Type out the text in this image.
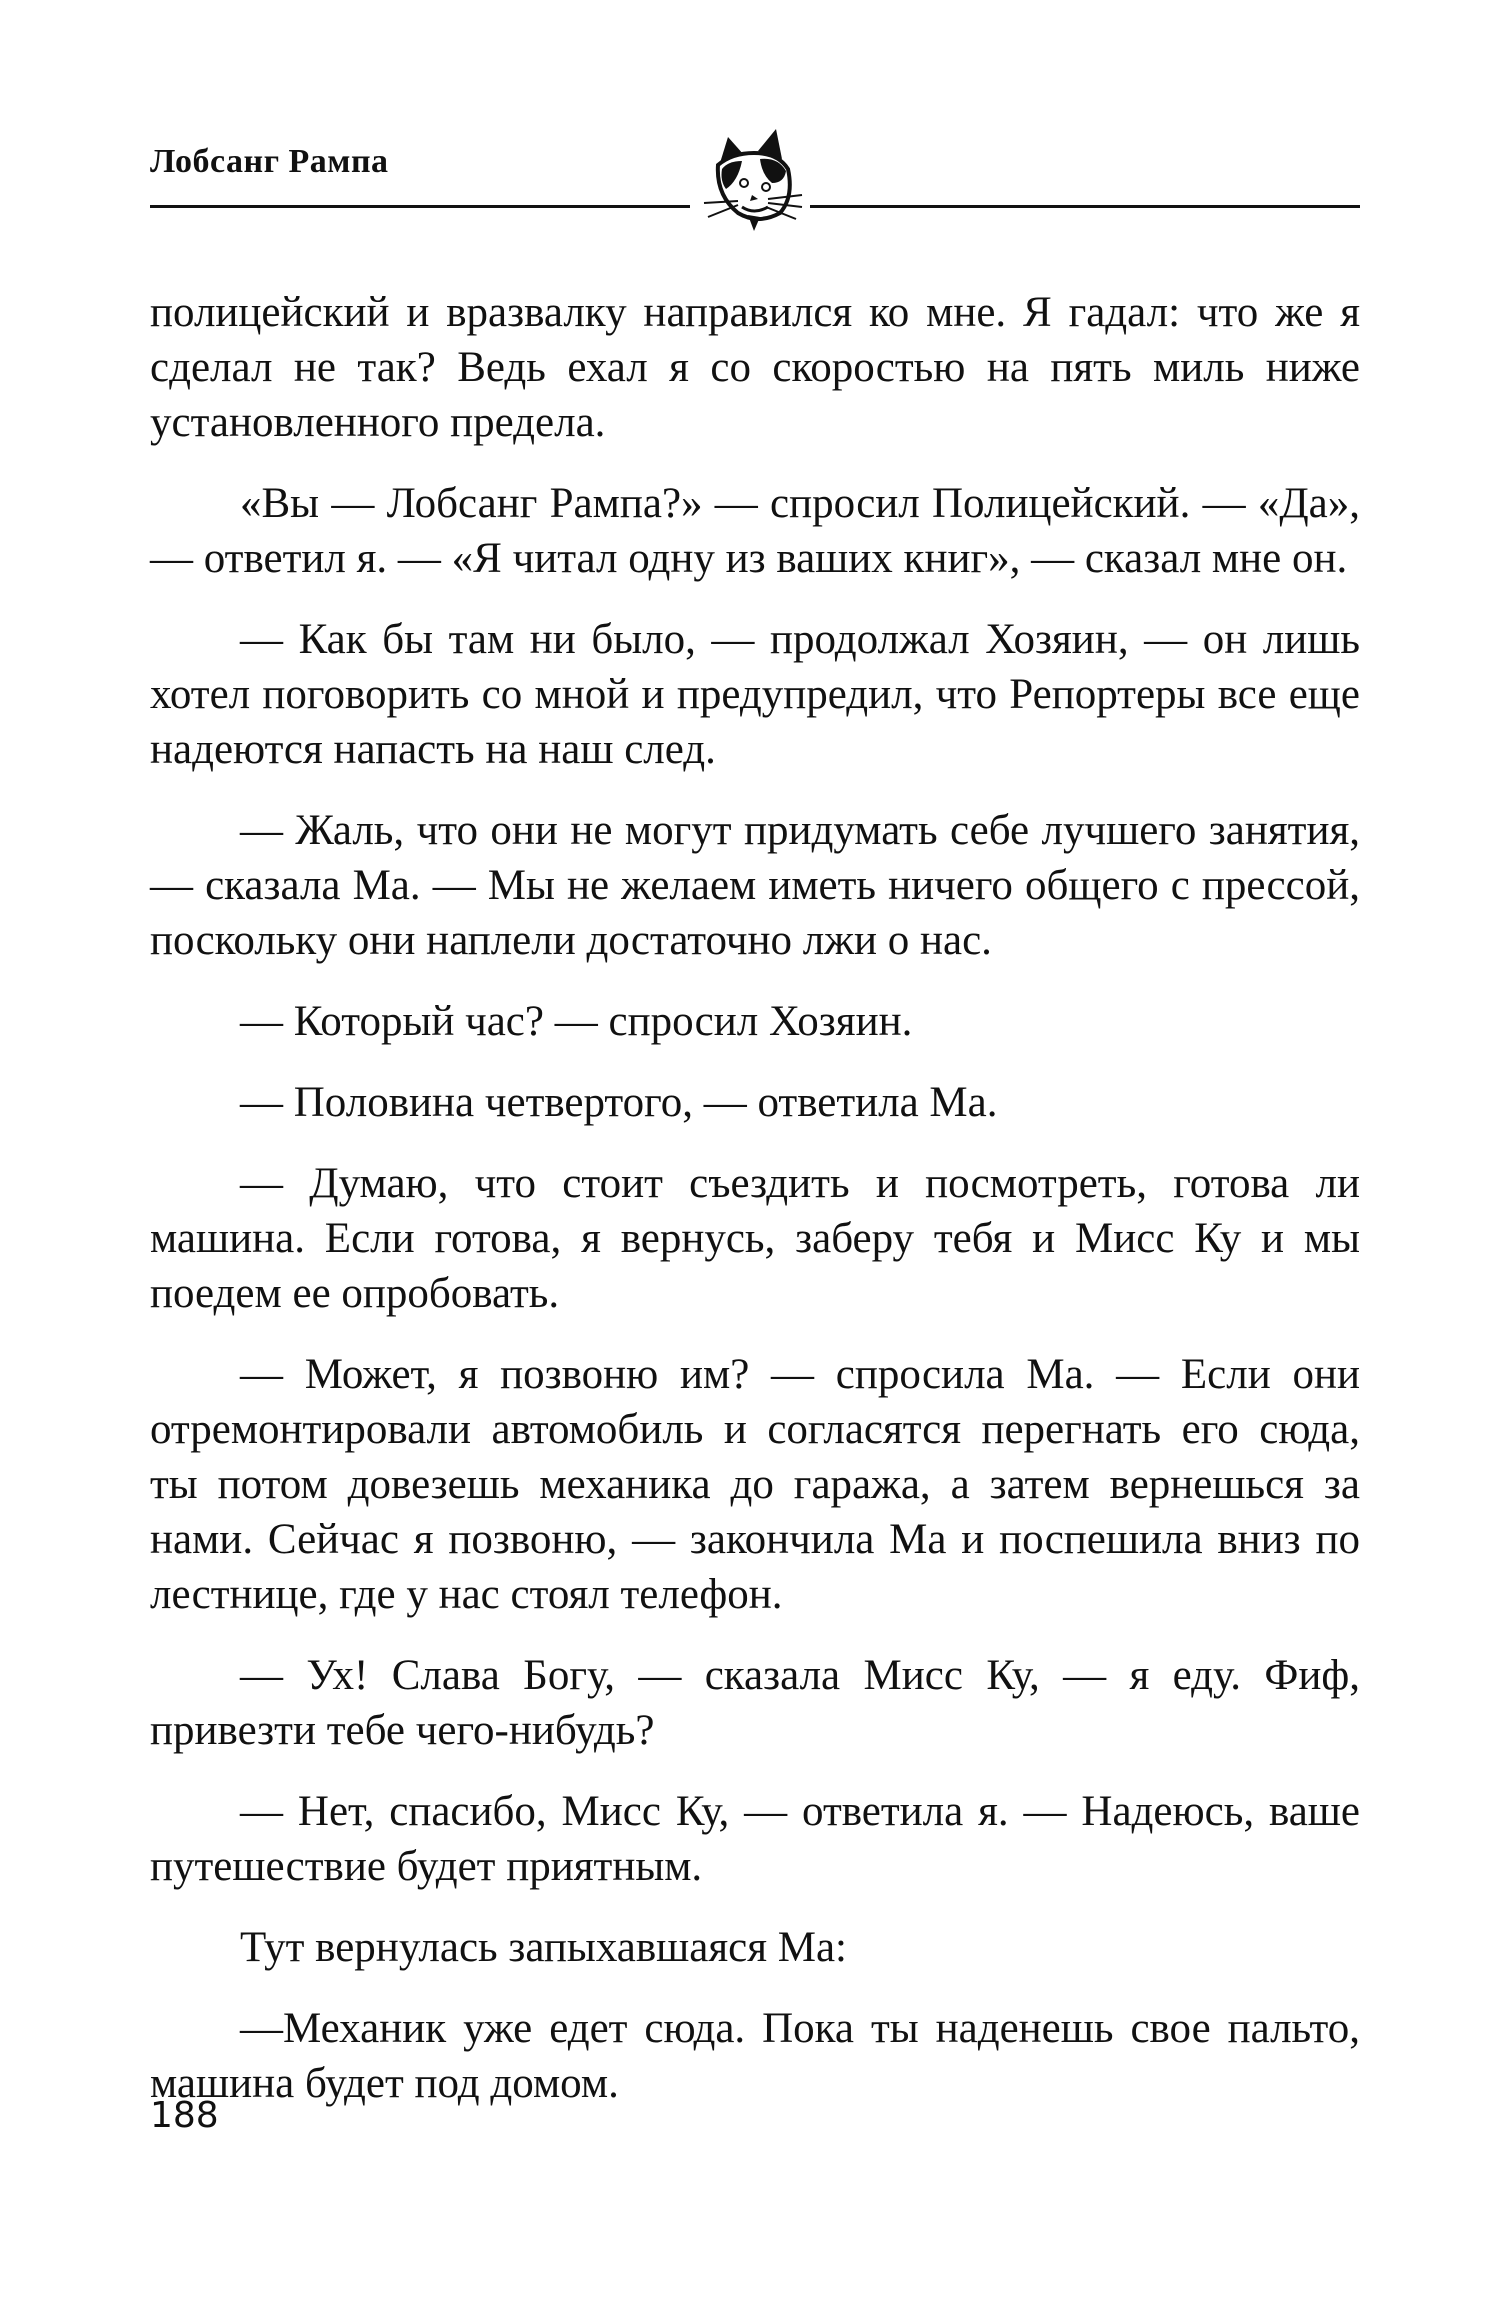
Лобсанг Рампа

полицейский и вразвалку направился ко мне. Я гадал: что же я сделал не так? Ведь ехал я со скоростью на пять миль ниже установленного предела.

«Вы — Лобсанг Рампа?» — спросил Полицейский. — «Да», — ответил я. — «Я читал одну из ваших книг», — сказал мне он.

— Как бы там ни было, — продолжал Хозяин, — он лишь хотел поговорить со мной и предупредил, что Репортеры все еще надеются напасть на наш след.

— Жаль, что они не могут придумать себе лучшего занятия, — сказала Ма. — Мы не желаем иметь ничего общего с прессой, поскольку они наплели достаточно лжи о нас.

— Который час? — спросил Хозяин.

— Половина четвертого, — ответила Ма.

— Думаю, что стоит съездить и посмотреть, готова ли машина. Если готова, я вернусь, заберу тебя и Мисс Ку и мы поедем ее опробовать.

— Может, я позвоню им? — спросила Ма. — Если они отремонтировали автомобиль и согласятся перегнать его сюда, ты потом довезешь механика до гаража, а затем вернешься за нами. Сейчас я позвоню, — закончила Ма и поспешила вниз по лестнице, где у нас стоял телефон.

— Ух! Слава Богу, — сказала Мисс Ку, — я еду. Фиф, привезти тебе чего-нибудь?

— Нет, спасибо, Мисс Ку, — ответила я. — Надеюсь, ваше путешествие будет приятным.

Тут вернулась запыхавшаяся Ма:

—Механик уже едет сюда. Пока ты наденешь свое пальто, машина будет под домом.

188
